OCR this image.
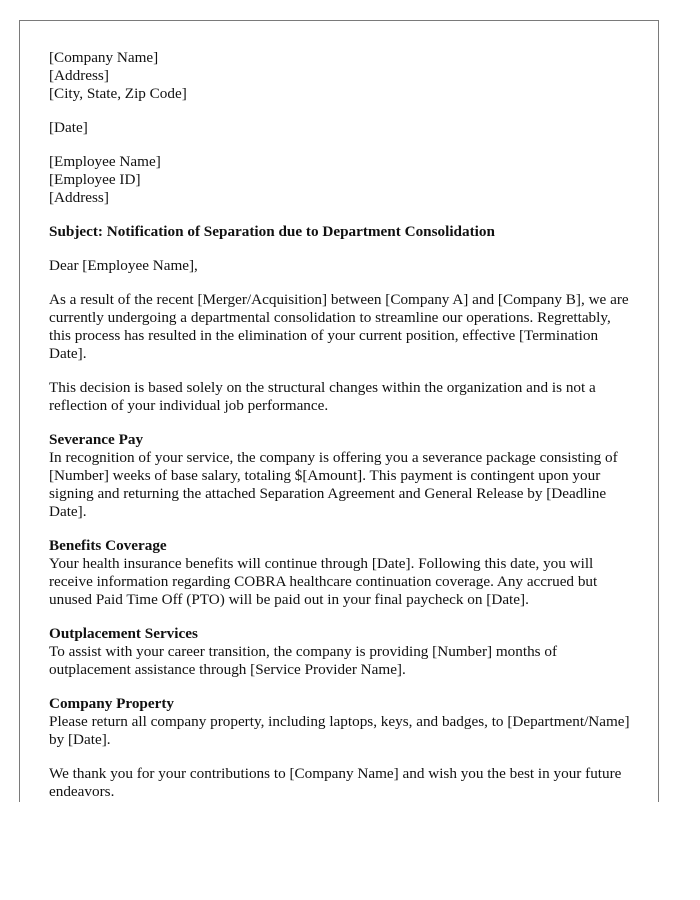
[Company Name]
[Address]
[City, State, Zip Code]
[Date]
[Employee Name]
[Employee ID]
[Address]
Subject: Notification of Separation due to Department Consolidation
Dear [Employee Name],
As a result of the recent [Merger/Acquisition] between [Company A] and [Company B], we are currently undergoing a departmental consolidation to streamline our operations. Regrettably, this process has resulted in the elimination of your current position, effective [Termination Date].
This decision is based solely on the structural changes within the organization and is not a reflection of your individual job performance.
Severance Pay
In recognition of your service, the company is offering you a severance package consisting of [Number] weeks of base salary, totaling $[Amount]. This payment is contingent upon your signing and returning the attached Separation Agreement and General Release by [Deadline Date].
Benefits Coverage
Your health insurance benefits will continue through [Date]. Following this date, you will receive information regarding COBRA healthcare continuation coverage. Any accrued but unused Paid Time Off (PTO) will be paid out in your final paycheck on [Date].
Outplacement Services
To assist with your career transition, the company is providing [Number] months of outplacement assistance through [Service Provider Name].
Company Property
Please return all company property, including laptops, keys, and badges, to [Department/Name] by [Date].
We thank you for your contributions to [Company Name] and wish you the best in your future endeavors.
